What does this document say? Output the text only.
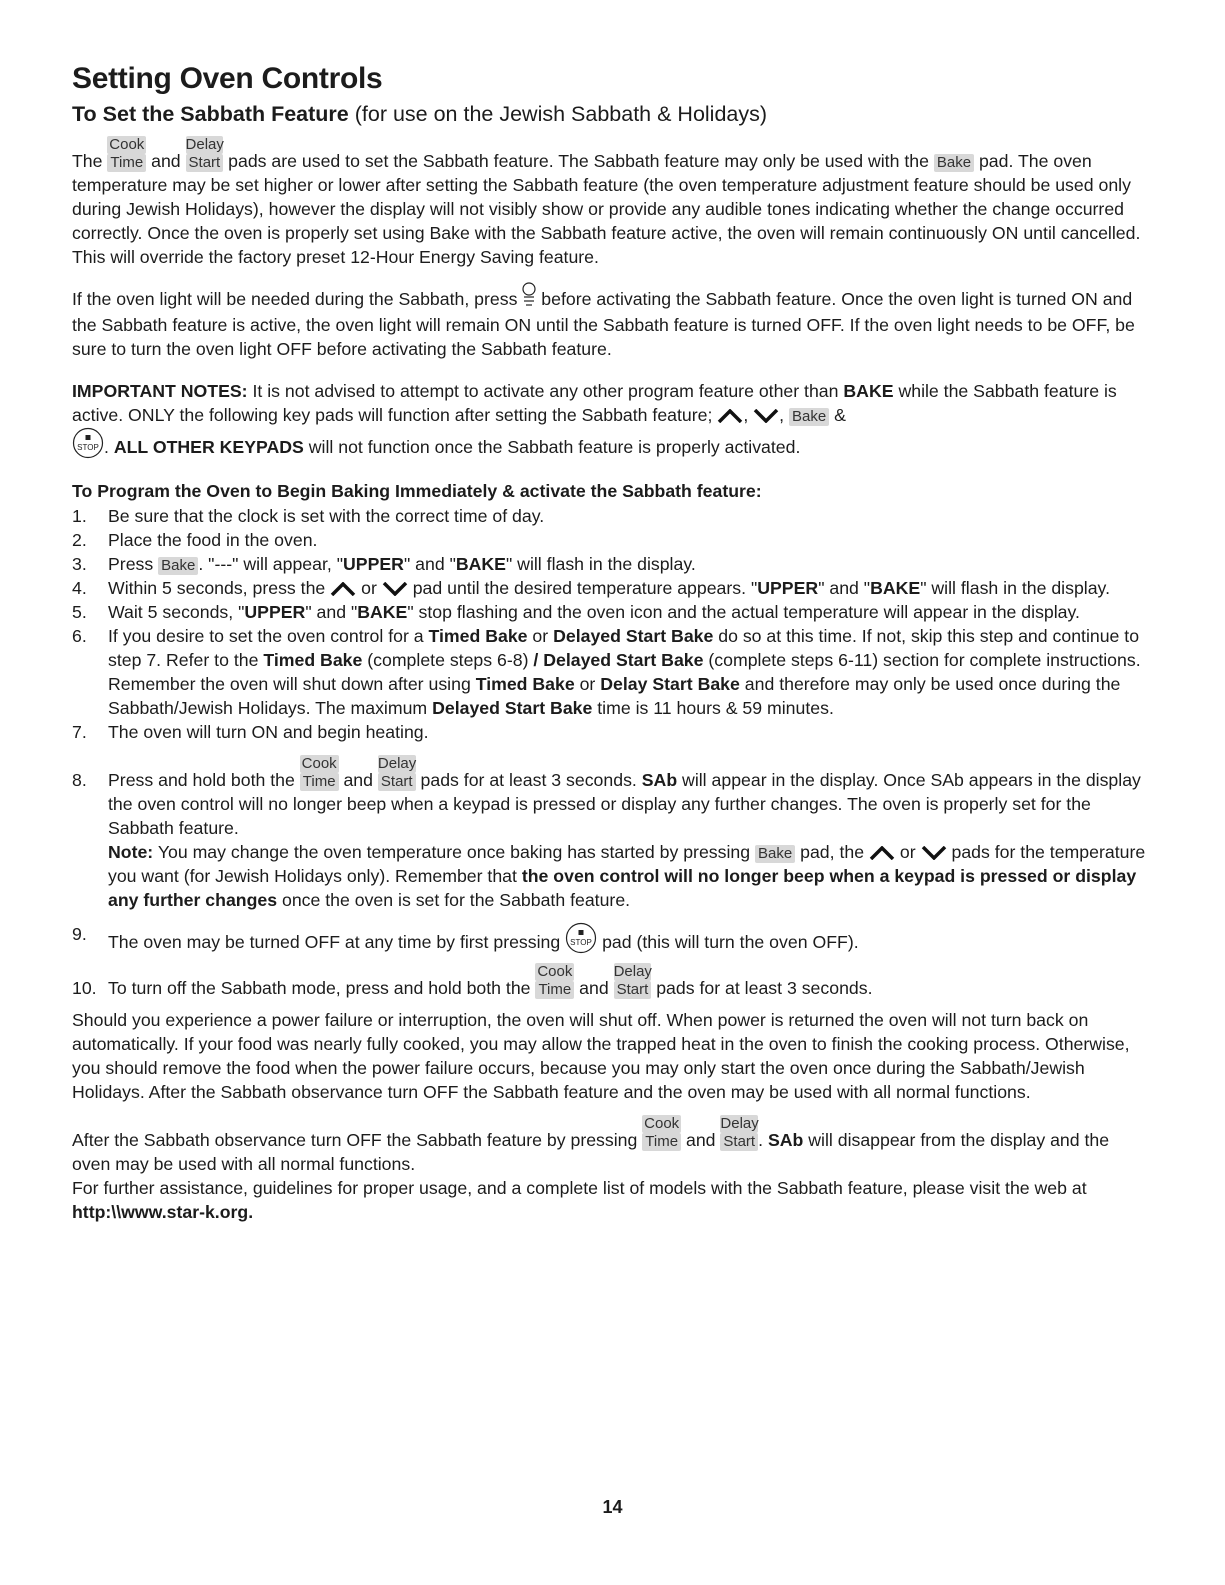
Setting Oven Controls
To Set the Sabbath Feature (for use on the Jewish Sabbath & Holidays)

The
Cook
Time and
Delay
Start pads are used to set the Sabbath feature. The Sabbath feature may only be used with the Bake pad. The oven temperature may be set higher or lower after setting the Sabbath feature (the oven temperature adjustment feature should be used only during Jewish Holidays), however the display will not visibly show or provide any audible tones indicating whether the change occurred correctly. Once the oven is properly set using Bake with the Sabbath feature active, the oven will remain continuously ON until cancelled. This will override the factory preset 12-Hour Energy Saving feature.

If the oven light will be needed during the Sabbath, press before activating the Sabbath feature. Once the oven light is turned ON and the Sabbath feature is active, the oven light will remain ON until the Sabbath feature is turned OFF. If the oven light needs to be OFF, be sure to turn the oven light OFF before activating the Sabbath feature.

IMPORTANT NOTES: It is not advised to attempt to activate any other program feature other than BAKE while the Sabbath feature is active. ONLY the following key pads will function after setting the Sabbath feature; , , Bake &
STOP . ALL OTHER KEYPADS will not function once the Sabbath feature is properly activated.

To Program the Oven to Begin Baking Immediately & activate the Sabbath feature:
1.	Be sure that the clock is set with the correct time of day.
2.	Place the food in the oven.
3.	Press Bake . "---" will appear, "UPPER" and "BAKE" will flash in the display.
4.	Within 5 seconds, press the or pad until the desired temperature appears. "UPPER" and "BAKE" will flash in the display.
5.	Wait 5 seconds, "UPPER" and "BAKE" stop flashing and the oven icon and the actual temperature will appear in the display.
6.	If you desire to set the oven control for a Timed Bake or Delayed Start Bake do so at this time. If not, skip this step and continue to step 7. Refer to the Timed Bake (complete steps 6-8) / Delayed Start Bake (complete steps 6-11) section for complete instructions. Remember the oven will shut down after using Timed Bake or Delay Start Bake and therefore may only be used once during the Sabbath/Jewish Holidays. The maximum Delayed Start Bake time is 11 hours & 59 minutes.
7.	The oven will turn ON and begin heating.
8.	Press and hold both the
Cook
Time and
Delay
Start pads for at least 3 seconds. SAb will appear in the display. Once SAb appears in the display the oven control will no longer beep when a keypad is pressed or display any further changes. The oven is properly set for the Sabbath feature.
Note: You may change the oven temperature once baking has started by pressing Bake pad, the or pads for the temperature you want (for Jewish Holidays only). Remember that the oven control will no longer beep when a keypad is pressed or display any further changes once the oven is set for the Sabbath feature.
9.	The oven may be turned OFF at any time by first pressing STOP pad (this will turn the oven OFF).
10. To turn off the Sabbath mode, press and hold both the
Cook
Time and
Delay
Start pads for at least 3 seconds.

Should you experience a power failure or interruption, the oven will shut off. When power is returned the oven will not turn back on automatically. If your food was nearly fully cooked, you may allow the trapped heat in the oven to finish the cooking process. Otherwise, you should remove the food when the power failure occurs, because you may only start the oven once during the Sabbath/Jewish Holidays. After the Sabbath observance turn OFF the Sabbath feature and the oven may be used with all normal functions.

After the Sabbath observance turn OFF the Sabbath feature by pressing
Cook
Time and
Delay
Start . SAb will disappear from the display and the oven may be used with all normal functions.

For further assistance, guidelines for proper usage, and a complete list of models with the Sabbath feature, please visit the web at http:\\www.star-k.org.

14
